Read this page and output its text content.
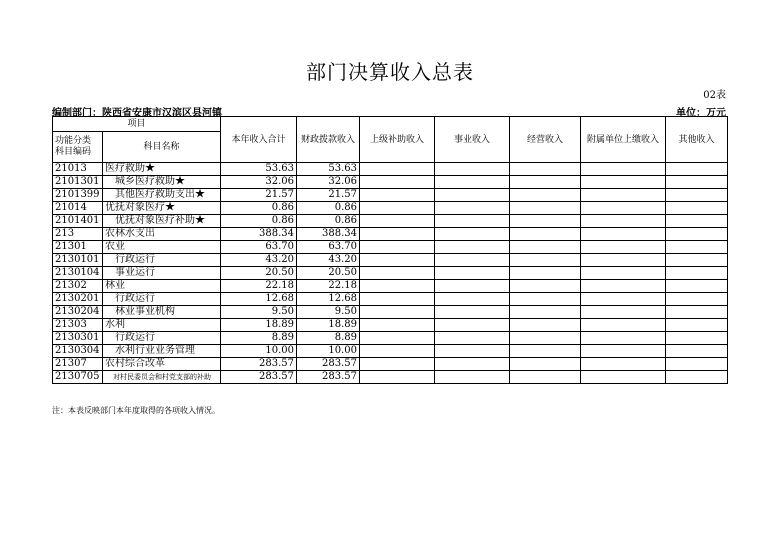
部门决算收入总表
02表
编制部门：陕西省安康市汉滨区县河镇	单位：万元
项目		本年收入合计	财政拨款收入	上级补助收入	事业收入	经营收入	附属单位上缴收入	其他收入

功能分类
科目编码	科目名称							
21013	医疗救助★	53.63	53.63					
2101301	城乡医疗救助★	32.06	32.06					
2101399	其他医疗救助支出★	21.57	21.57					
21014	优抚对象医疗★	0.86	0.86					
2101401	优抚对象医疗补助★	0.86	0.86					
213	农林水支出	388.34	388.34					
21301	农业	63.70	63.70					
2130101	行政运行	43.20	43.20					
2130104	事业运行	20.50	20.50					
21302	林业	22.18	22.18					
2130201	行政运行	12.68	12.68					
2130204	林业事业机构	9.50	9.50					
21303	水利	18.89	18.89					
2130301	行政运行	8.89	8.89					
2130304	水利行业业务管理	10.00	10.00					
21307	农村综合改革	283.57	283.57					
2130705	对村民委员会和村党支部的补助	283.57	283.57					
注：本表反映部门本年度取得的各项收入情况。
